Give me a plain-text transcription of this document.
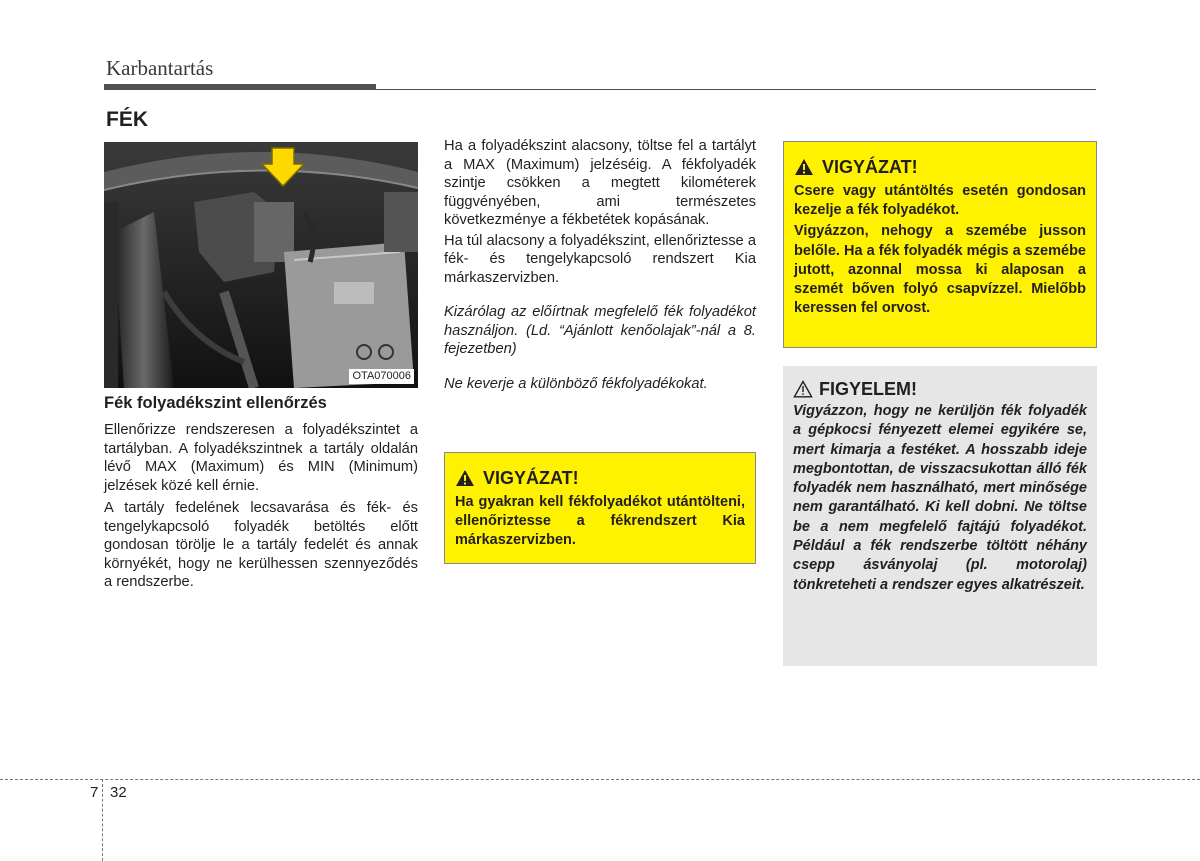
Karbantartás
FÉK
OTA070006
Fék folyadékszint ellenőrzés

Ellenőrizze rendszeresen a folyadékszintet a tartályban. A folyadékszintnek a tartály oldalán lévő MAX (Maximum) és MIN (Minimum) jelzések közé kell érnie.

A tartály fedelének lecsavarása és fék- és tengelykapcsoló folyadék betöltés előtt gondosan törölje le a tartály fedelét és annak környékét, hogy ne kerülhessen szennyeződés a rendszerbe.

Ha a folyadékszint alacsony, töltse fel a tartályt a MAX (Maximum) jelzéséig. A fékfolyadék szintje csökken a megtett kilométerek függvényében, ami természetes következménye a fékbetétek kopásának.

Ha túl alacsony a folyadékszint, ellenőriztesse a fék- és tengelykapcsoló rendszert Kia márkaszervizben.

Kizárólag az előírtnak megfelelő fék folyadékot használjon. (Ld. “Ajánlott kenőolajak”-nál a 8. fejezetben)

Ne keverje a különböző fékfolyadékokat.

VIGYÁZAT!

Ha gyakran kell fékfolyadékot utántölteni, ellenőriztesse a fékrendszert Kia márkaszervizben.

VIGYÁZAT!

Csere vagy utántöltés esetén gondosan kezelje a fék folyadékot.

Vigyázzon, nehogy a szemébe jusson belőle. Ha a fék folyadék mégis a szemébe jutott, azonnal mossa ki alaposan a szemét bőven folyó csapvízzel. Mielőbb keressen fel orvost.

FIGYELEM!

Vigyázzon, hogy ne kerüljön fék folyadék a gépkocsi fényezett elemei egyikére se, mert kimarja a festéket. A hosszabb ideje megbontottan, de visszacsukottan álló fék folyadék nem használható, mert minősége nem garantálható. Ki kell dobni. Ne töltse be a nem megfelelő fajtájú folyadékot. Például a fék rendszerbe töltött néhány csepp ásványolaj (pl. motorolaj) tönkreteheti a rendszer egyes alkatrészeit.

7 32
